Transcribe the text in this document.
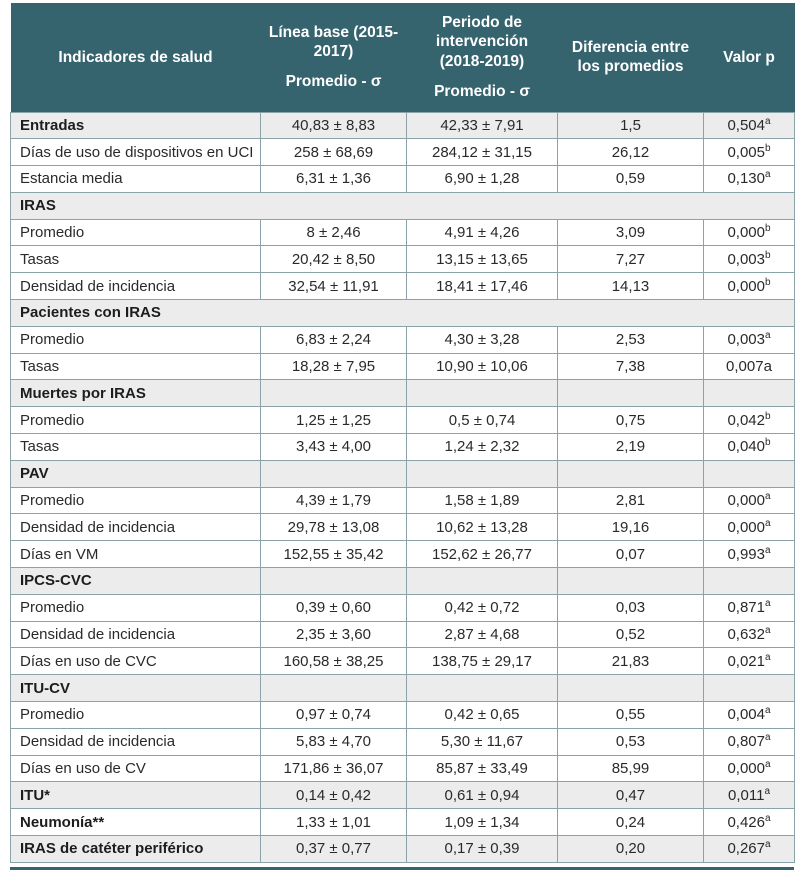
Indicadores de salud

Línea base (2015-2017)
Promedio - σ

Periodo de intervención (2018-2019)
Promedio - σ

Diferencia entre los promedios

Valor p

Entradas	40,83 ± 8,83	42,33 ± 7,91	1,5	0,504$^a$
Días de uso de dispositivos en UCI	258 ± 68,69	284,12 ± 31,15	26,12	0,005$^b$
Estancia media	6,31 ± 1,36	6,90 ± 1,28	0,59	0,130$^a$
IRAS				
Promedio	8 ± 2,46	4,91 ± 4,26	3,09	0,000$^b$
Tasas	20,42 ± 8,50	13,15 ± 13,65	7,27	0,003$^b$
Densidad de incidencia	32,54 ± 11,91	18,41 ± 17,46	14,13	0,000$^b$
Pacientes con IRAS				
Promedio	6,83 ± 2,24	4,30 ± 3,28	2,53	0,003$^a$
Tasas	18,28 ± 7,95	10,90 ± 10,06	7,38	0,007a
Muertes por IRAS				
Promedio	1,25 ± 1,25	0,5 ± 0,74	0,75	0,042$^b$
Tasas	3,43 ± 4,00	1,24 ± 2,32	2,19	0,040$^b$
PAV				
Promedio	4,39 ± 1,79	1,58 ± 1,89	2,81	0,000$^a$
Densidad de incidencia	29,78 ± 13,08	10,62 ± 13,28	19,16	0,000$^a$
Días en VM	152,55 ± 35,42	152,62 ± 26,77	0,07	0,993$^a$
IPCS-CVC				
Promedio	0,39 ± 0,60	0,42 ± 0,72	0,03	0,871$^a$
Densidad de incidencia	2,35 ± 3,60	2,87 ± 4,68	0,52	0,632$^a$
Días en uso de CVC	160,58 ± 38,25	138,75 ± 29,17	21,83	0,021$^a$
ITU-CV				
Promedio	0,97 ± 0,74	0,42 ± 0,65	0,55	0,004$^a$
Densidad de incidencia	5,83 ± 4,70	5,30 ± 11,67	0,53	0,807$^a$
Días en uso de CV	171,86 ± 36,07	85,87 ± 33,49	85,99	0,000$^a$
ITU*	0,14 ± 0,42	0,61 ± 0,94	0,47	0,011$^a$
Neumonía**	1,33 ± 1,01	1,09 ± 1,34	0,24	0,426$^a$
IRAS de catéter periférico	0,37 ± 0,77	0,17 ± 0,39	0,20	0,267$^a$
